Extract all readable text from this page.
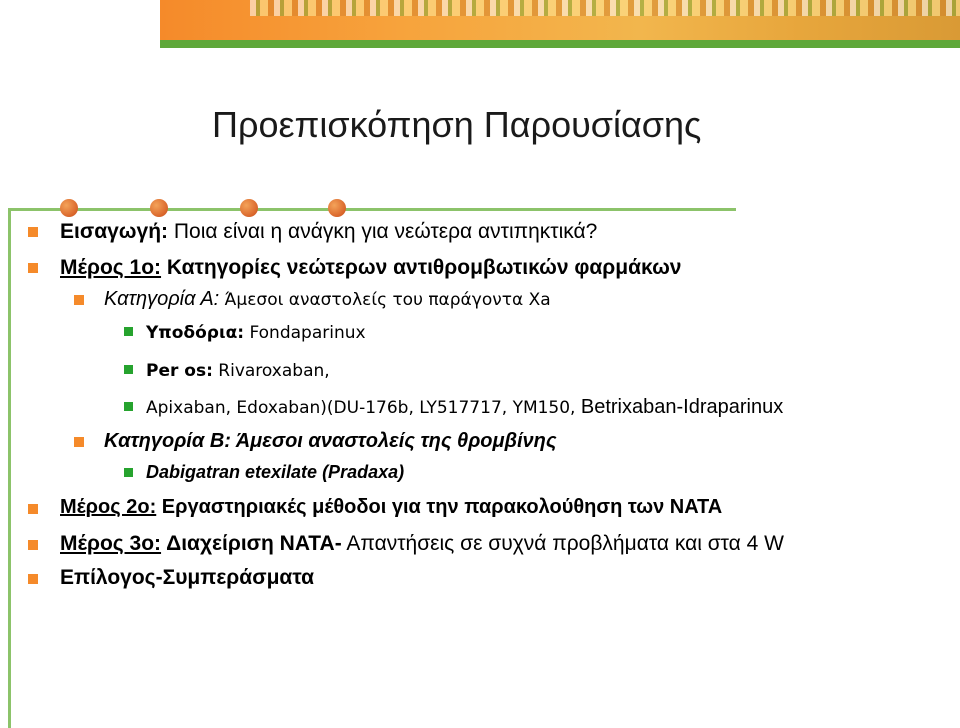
Προεπισκόπηση Παρουσίασης
Εισαγωγή: Ποια είναι η ανάγκη για νεώτερα αντιπηκτικά?
Μέρος 1ο: Κατηγορίες νεώτερων αντιθρομβωτικών φαρμάκων
Κατηγορία Α: Άμεσοι αναστολείς του παράγοντα Xa
Υποδόρια: Fondaparinux
Per os: Rivaroxaban,
Apixaban, Edoxaban)(DU-176b, LY517717, YM150, Betrixaban-Idraparinux
Κατηγορία Β: Άμεσοι αναστολείς της θρομβίνης
Dabigatran etexilate (Pradaxa)
Μέρος 2ο: Εργαστηριακές μέθοδοι για την παρακολούθηση των ΝΑΤΑ
Μέρος 3ο: Διαχείριση ΝΑΤΑ- Απαντήσεις σε συχνά προβλήματα και στα 4 W
Επίλογος-Συμπεράσματα
